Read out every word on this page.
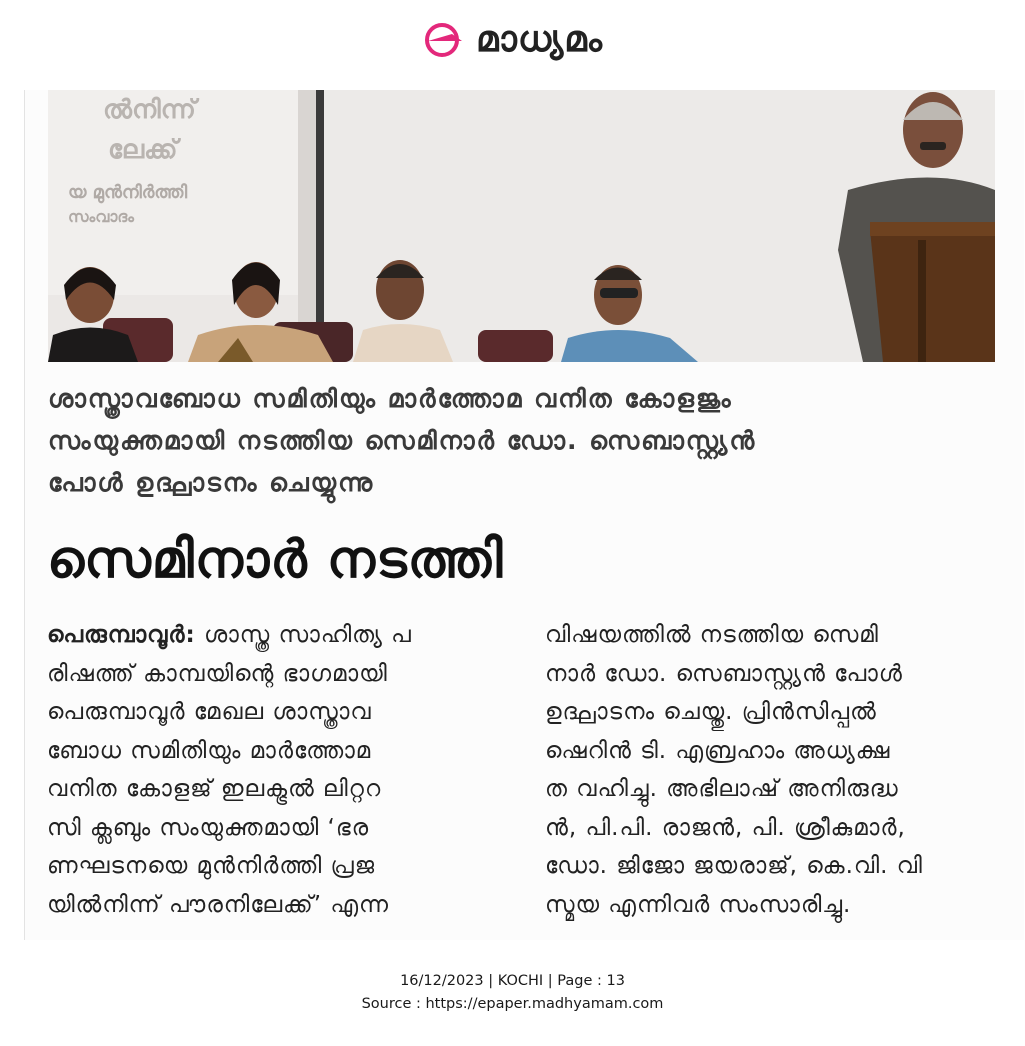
മാധ്യമം
ൽനിന്ന്
ലേക്ക്
യ മുൻനിർത്തി
സംവാദം
ശാസ്ത്രാവബോധ സമിതിയും മാർത്തോമ വനിത കോളജും
സംയുക്തമായി നടത്തിയ സെമിനാർ ഡോ. സെബാസ്റ്റ്യൻ
പോൾ ഉദ്ഘാടനം ചെയ്യുന്നു
സെമിനാർ നടത്തി

പെരുമ്പാവൂർ: ശാസ്ത്ര സാഹിത്യ പ

രിഷത്ത് കാമ്പയിന്റെ ഭാഗമായി

പെരുമ്പാവൂർ മേഖല ശാസ്ത്രാവ

ബോധ സമിതിയും മാർത്തോമ

വനിത കോളജ് ഇലക്ട്രൽ ലിറ്ററ

സി ക്ലബും സംയുക്തമായി ‘ഭര

ണഘടനയെ മുൻനിർത്തി പ്രജ

യിൽനിന്ന് പൗരനിലേക്ക്’ എന്ന

വിഷയത്തിൽ നടത്തിയ സെമി

നാർ ഡോ. സെബാസ്റ്റ്യൻ പോൾ

ഉദ്ഘാടനം ചെയ്തു. പ്രിൻസിപ്പൽ

ഷെറിൻ ടി. എബ്രഹാം അധ്യക്ഷ

ത വഹിച്ചു. അഭിലാഷ് അനിരുദ്ധ

ൻ, പി.പി. രാജൻ, പി. ശ്രീകുമാർ,

ഡോ. ജിജോ ജയരാജ്, കെ.വി. വി

സ്മയ എന്നിവർ സംസാരിച്ചു.

16/12/2023 | KOCHI | Page : 13
Source : https://epaper.madhyamam.com
